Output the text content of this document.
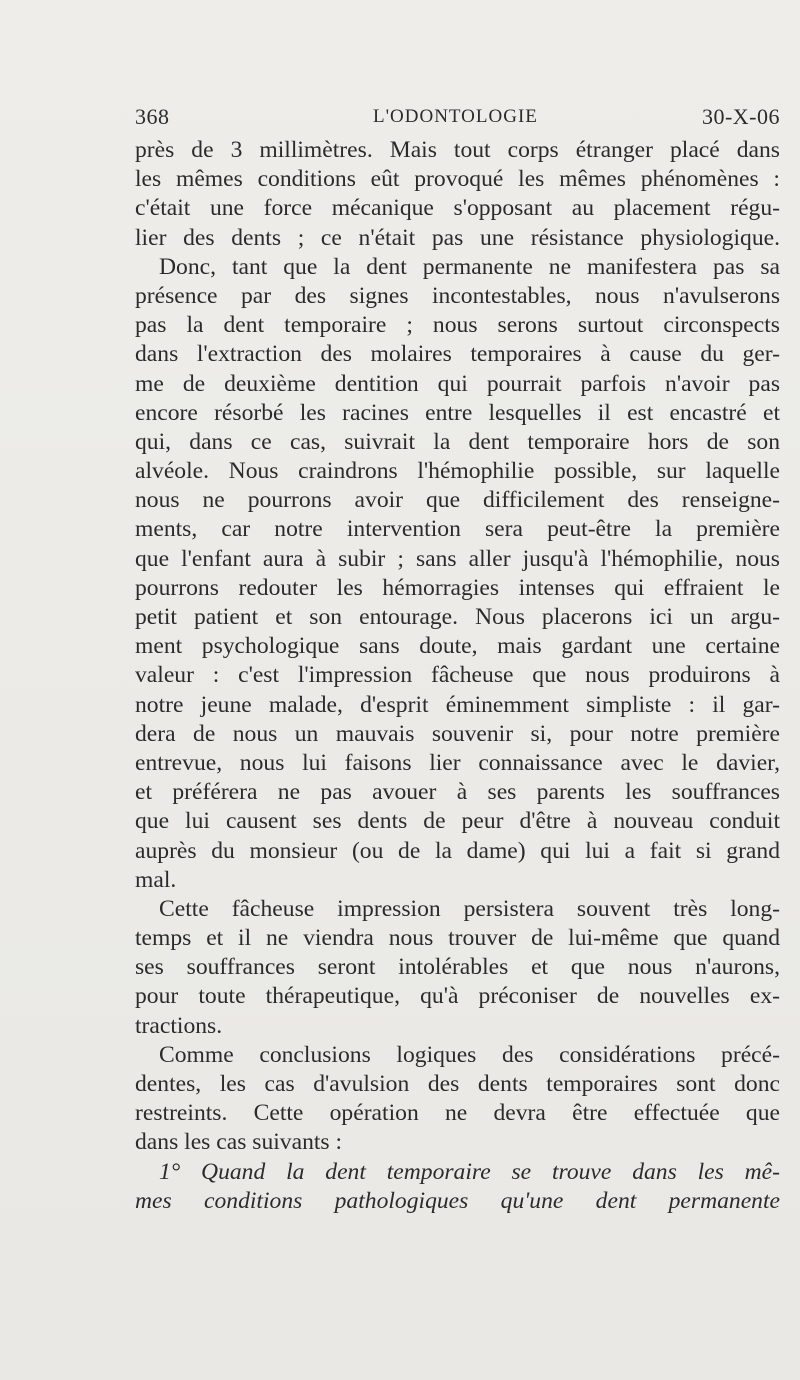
368	L'ODONTOLOGIE	30-X-06
près de 3 millimètres. Mais tout corps étranger placé dans
les mêmes conditions eût provoqué les mêmes phénomènes :
c'était une force mécanique s'opposant au placement régu-
lier des dents ; ce n'était pas une résistance physiologique.
Donc, tant que la dent permanente ne manifestera pas sa
présence par des signes incontestables, nous n'avulserons
pas la dent temporaire ; nous serons surtout circonspects
dans l'extraction des molaires temporaires à cause du ger-
me de deuxième dentition qui pourrait parfois n'avoir pas
encore résorbé les racines entre lesquelles il est encastré et
qui, dans ce cas, suivrait la dent temporaire hors de son
alvéole. Nous craindrons l'hémophilie possible, sur laquelle
nous ne pourrons avoir que difficilement des renseigne-
ments, car notre intervention sera peut-être la première
que l'enfant aura à subir ; sans aller jusqu'à l'hémophilie, nous
pourrons redouter les hémorragies intenses qui effraient le
petit patient et son entourage. Nous placerons ici un argu-
ment psychologique sans doute, mais gardant une certaine
valeur : c'est l'impression fâcheuse que nous produirons à
notre jeune malade, d'esprit éminemment simpliste : il gar-
dera de nous un mauvais souvenir si, pour notre première
entrevue, nous lui faisons lier connaissance avec le davier,
et préférera ne pas avouer à ses parents les souffrances
que lui causent ses dents de peur d'être à nouveau conduit
auprès du monsieur (ou de la dame) qui lui a fait si grand
mal.
Cette fâcheuse impression persistera souvent très long-
temps et il ne viendra nous trouver de lui-même que quand
ses souffrances seront intolérables et que nous n'aurons,
pour toute thérapeutique, qu'à préconiser de nouvelles ex-
tractions.
Comme conclusions logiques des considérations précé-
dentes, les cas d'avulsion des dents temporaires sont donc
restreints. Cette opération ne devra être effectuée que
dans les cas suivants :
1° Quand la dent temporaire se trouve dans les mê-
mes conditions pathologiques qu'une dent permanente
